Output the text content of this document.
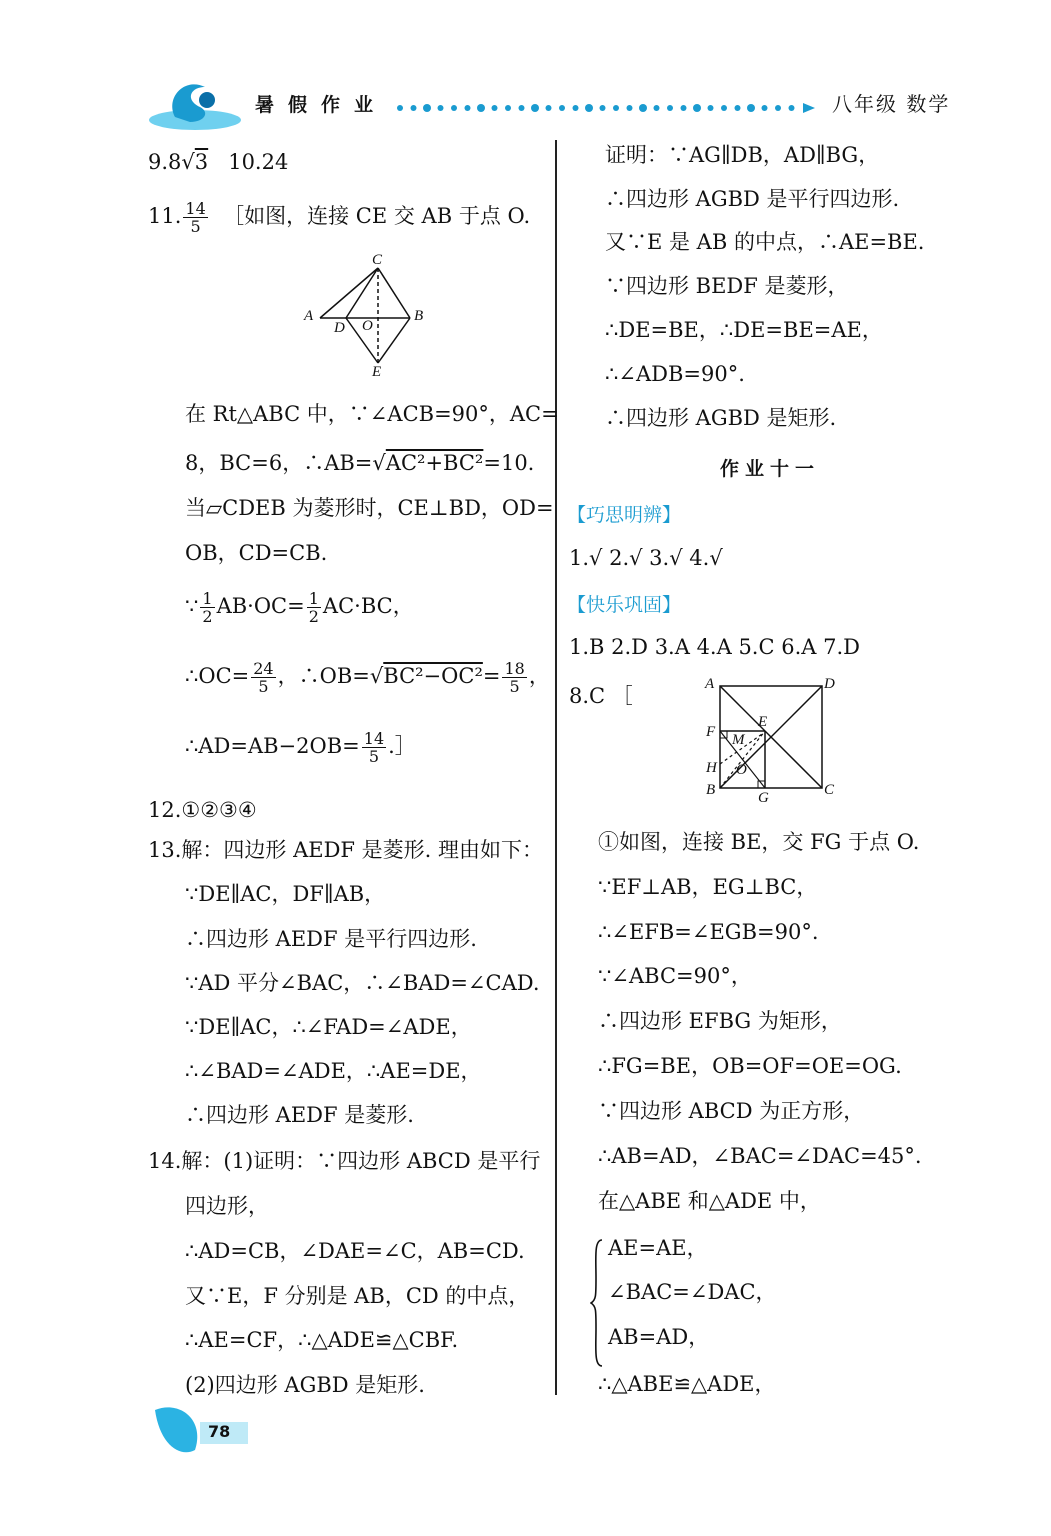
暑假作业	八年级 数学
9.8√3 10.24
11. $\frac{14}{5}$ ［如图，连接 CE 交 AB 于点 O.
C
A	B
D O
E
在 Rt△ABC 中，∵∠ACB=90°，AC=
8，BC=6，∴AB=√AC²+BC²=10.
当▱CDEB 为菱形时，CE⊥BD，OD=
OB，CD=CB.
∵ $\frac{1}{2} AB\cdot OC= \frac{1}{2} AC\cdot BC$，
∴OC= $\frac{24}{5}$ ，∴OB=√BC²−OC²= $\frac{18}{5}$ ，
∴AD=AB−2OB= $\frac{14}{5}$ .］
12.①②③④
13.解：四边形 AEDF 是菱形. 理由如下：
∵DE∥AC，DF∥AB，
∴四边形 AEDF 是平行四边形.
∵AD 平分∠BAC，∴∠BAD=∠CAD.
∵DE∥AC，∴∠FAD=∠ADE，
∴∠BAD=∠ADE，∴AE=DE，
∴四边形 AEDF 是菱形.
14.解：(1)证明：∵四边形 ABCD 是平行
四边形，
∴AD=CB，∠DAE=∠C，AB=CD.
又∵E，F 分别是 AB，CD 的中点，
∴AE=CF，∴△ADE≌△CBF.
(2)四边形 AGBD 是矩形.
证明：∵AG∥DB，AD∥BG，
∴四边形 AGBD 是平行四边形.
又∵E 是 AB 的中点，∴AE=BE.
∵四边形 BEDF 是菱形，
∴DE=BE，∴DE=BE=AE，
∴∠ADB=90°.
∴四边形 AGBD 是矩形.
作业十一
【巧思明辨】
1.√ 2.√ 3.√ 4.√
【快乐巩固】
1.B 2.D 3.A 4.A 5.C 6.A 7.D
8.C ［	A	D
E
F M
H O
B	G	C
①如图，连接 BE，交 FG 于点 O.
∵EF⊥AB，EG⊥BC，
∴∠EFB=∠EGB=90°.
∵∠ABC=90°，
∴四边形 EFBG 为矩形，
∴FG=BE，OB=OF=OE=OG.
∵四边形 ABCD 为正方形，
∴AB=AD，∠BAC=∠DAC=45°.
在△ABE 和△ADE 中，
AE=AE，
∠BAC=∠DAC，
AB=AD，
∴△ABE≌△ADE，
78
